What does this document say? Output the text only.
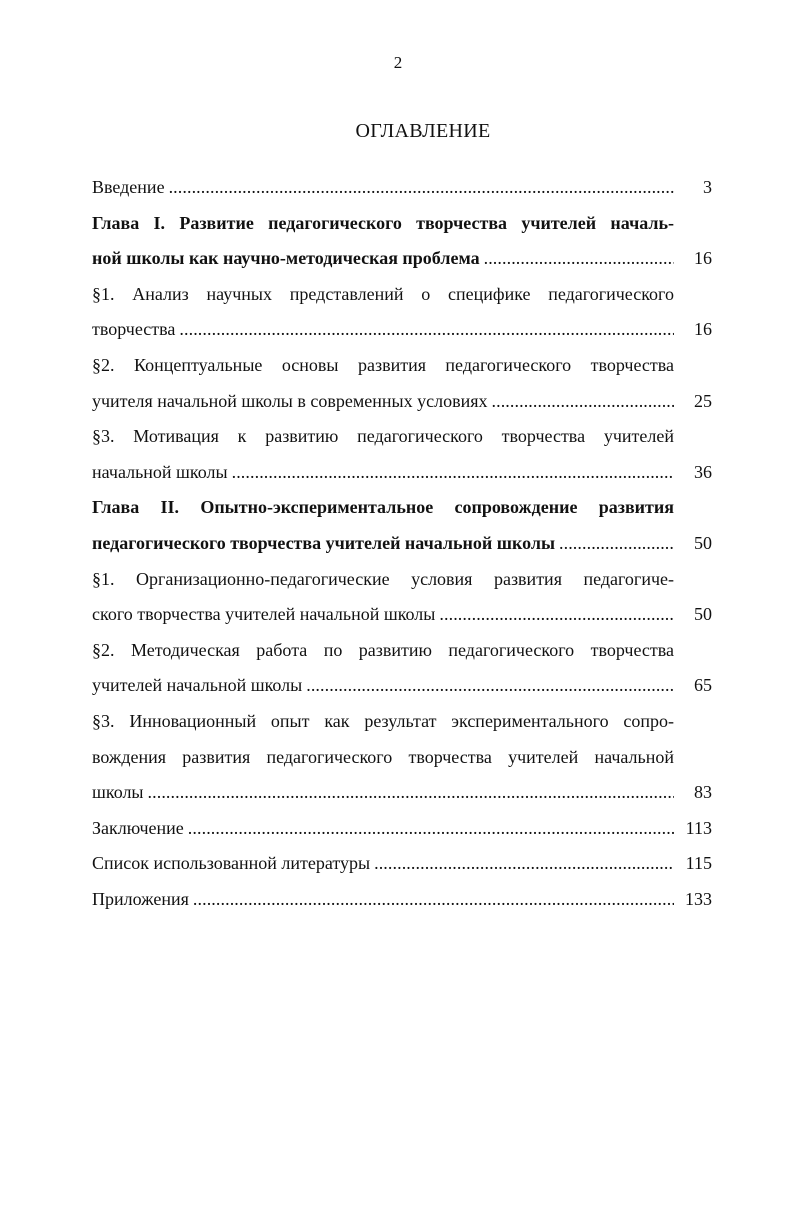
2
ОГЛАВЛЕНИЕ
Введение . . .	3
Глава I. Развитие педагогического творчества учителей началь-
ной школы как научно-методическая проблема . . .	16
§1. Анализ научных представлений о специфике педагогического
творчества . . .	16
§2. Концептуальные основы развития педагогического творчества
учителя начальной школы в современных условиях . . .	25
§3. Мотивация к развитию педагогического творчества учителей
начальной школы . . .	36
Глава II. Опытно-экспериментальное сопровождение развития
педагогического творчества учителей начальной школы . . .	50
§1. Организационно-педагогические условия развития педагогиче-
ского творчества учителей начальной школы . . .	50
§2. Методическая работа по развитию педагогического творчества
учителей начальной школы . . .	65
§3. Инновационный опыт как результат экспериментального сопро-
вождения развития педагогического творчества учителей начальной
школы . . .	83
Заключение . . .	113
Список использованной литературы . . .	115
Приложения . . .	133
